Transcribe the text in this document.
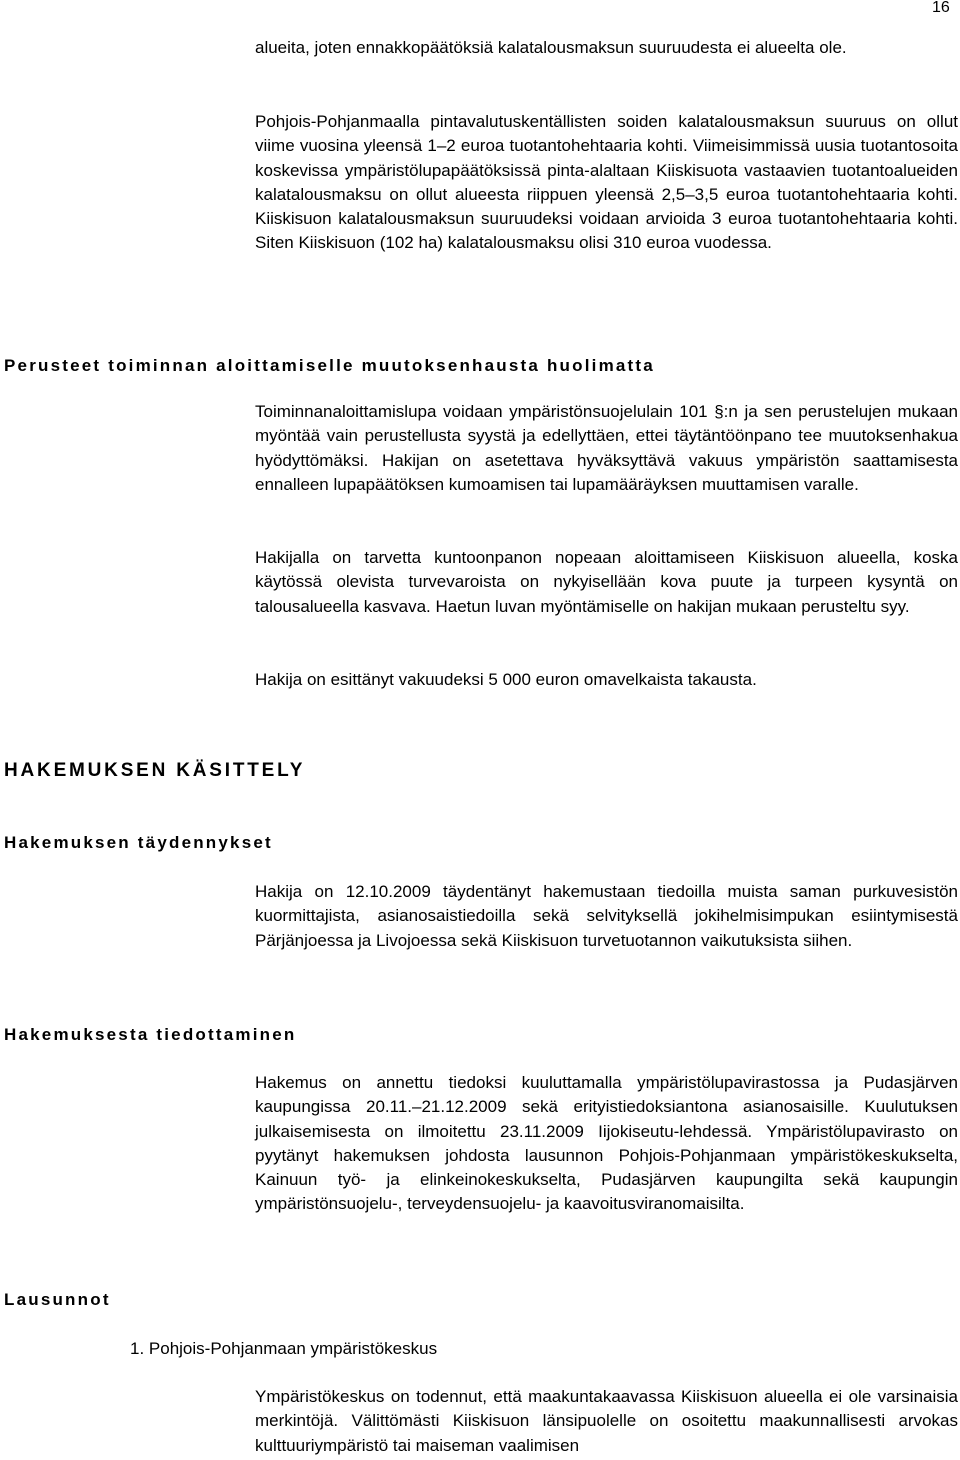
16
alueita, joten ennakkopäätöksiä kalatalousmaksun suuruudesta ei alueelta ole.
Pohjois-Pohjanmaalla pintavalutuskentällisten soiden kalatalousmaksun suuruus on ollut viime vuosina yleensä 1–2 euroa tuotantohehtaaria kohti. Viimeisimmissä uusia tuotantosoita koskevissa ympäristölupapäätöksissä pinta-alaltaan Kiiskisuota vastaavien tuotantoalueiden kalatalousmaksu on ollut alueesta riippuen yleensä 2,5–3,5 euroa tuotantohehtaaria kohti. Kiiskisuon kalatalousmaksun suuruudeksi voidaan arvioida 3 euroa tuotantohehtaaria kohti. Siten Kiiskisuon (102 ha) kalatalousmaksu olisi 310 euroa vuodessa.
Perusteet toiminnan aloittamiselle muutoksenhausta huolimatta
Toiminnanaloittamislupa voidaan ympäristönsuojelulain 101 §:n ja sen perustelujen mukaan myöntää vain perustellusta syystä ja edellyttäen, ettei täytäntöönpano tee muutoksenhakua hyödyttömäksi. Hakijan on asetettava hyväksyttävä vakuus ympäristön saattamisesta ennalleen lupapäätöksen kumoamisen tai lupamääräyksen muuttamisen varalle.
Hakijalla on tarvetta kuntoonpanon nopeaan aloittamiseen Kiiskisuon alueella, koska käytössä olevista turvevaroista on nykyisellään kova puute ja turpeen kysyntä on talousalueella kasvava. Haetun luvan myöntämiselle on hakijan mukaan perusteltu syy.
Hakija on esittänyt vakuudeksi 5 000 euron omavelkaista takausta.
HAKEMUKSEN KÄSITTELY
Hakemuksen täydennykset
Hakija on 12.10.2009 täydentänyt hakemustaan tiedoilla muista saman purkuvesistön kuormittajista, asianosaistiedoilla sekä selvityksellä jokihelmisimpukan esiintymisestä Pärjänjoessa ja Livojoessa sekä Kiiskisuon turvetuotannon vaikutuksista siihen.
Hakemuksesta tiedottaminen
Hakemus on annettu tiedoksi kuuluttamalla ympäristölupavirastossa ja Pudasjärven kaupungissa 20.11.–21.12.2009 sekä erityistiedoksiantona asianosaisille. Kuulutuksen julkaisemisesta on ilmoitettu 23.11.2009 Iijokiseutu-lehdessä. Ympäristölupavirasto on pyytänyt hakemuksen johdosta lausunnon Pohjois-Pohjanmaan ympäristökeskukselta, Kainuun työ- ja elinkeinokeskukselta, Pudasjärven kaupungilta sekä kaupungin ympäristönsuojelu-, terveydensuojelu- ja kaavoitusviranomaisilta.
Lausunnot
1. Pohjois-Pohjanmaan ympäristökeskus
Ympäristökeskus on todennut, että maakuntakaavassa Kiiskisuon alueella ei ole varsinaisia merkintöjä. Välittömästi Kiiskisuon länsipuolelle on osoitettu maakunnallisesti arvokas kulttuuriympäristö tai maiseman vaalimisen
